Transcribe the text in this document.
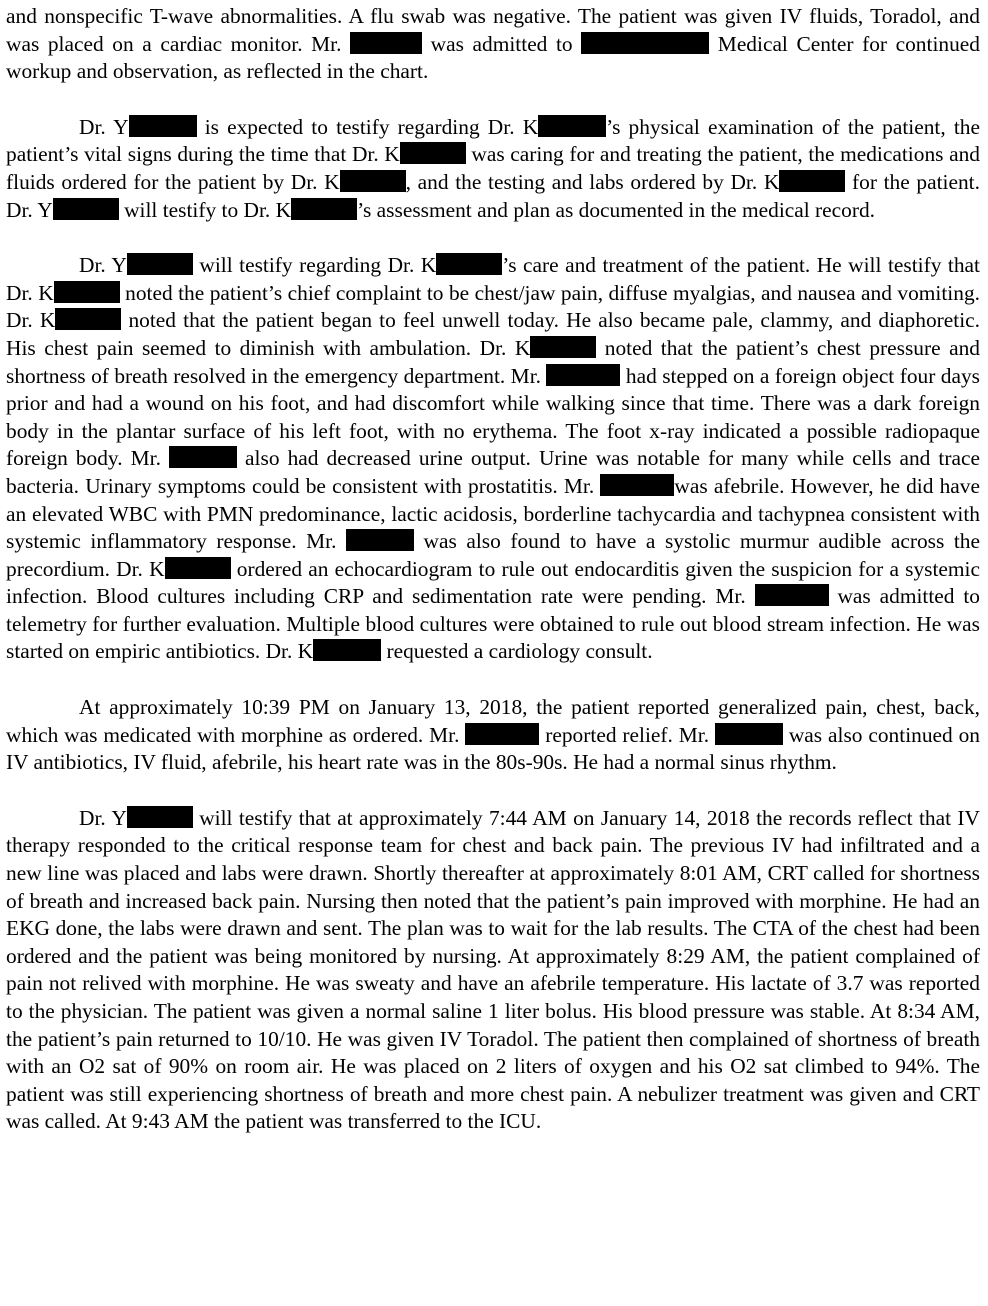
and nonspecific T-wave abnormalities. A flu swab was negative. The patient was given IV fluids, Toradol, and was placed on a cardiac monitor. Mr.	was admitted to	Medical Center for continued workup and observation, as reflected in the chart.

Dr. Y	is expected to testify regarding Dr. K	’s physical examination of the patient, the patient’s vital signs during the time that Dr. K	was caring for and treating the patient, the medications and fluids ordered for the patient by Dr. K	, and the testing and labs ordered by Dr. K	for the patient. Dr. Y	will testify to Dr. K	’s assessment and plan as documented in the medical record.

Dr. Y	will testify regarding Dr. K	’s care and treatment of the patient. He will testify that Dr. K	noted the patient’s chief complaint to be chest/jaw pain, diffuse myalgias, and nausea and vomiting. Dr. K	noted that the patient began to feel unwell today. He also became pale, clammy, and diaphoretic. His chest pain seemed to diminish with ambulation. Dr. K	noted that the patient’s chest pressure and shortness of breath resolved in the emergency department. Mr.	had stepped on a foreign object four days prior and had a wound on his foot, and had discomfort while walking since that time. There was a dark foreign body in the plantar surface of his left foot, with no erythema. The foot x-ray indicated a possible radiopaque foreign body. Mr.	also had decreased urine output. Urine was notable for many while cells and trace bacteria. Urinary symptoms could be consistent with prostatitis. Mr.	was afebrile. However, he did have an elevated WBC with PMN predominance, lactic acidosis, borderline tachycardia and tachypnea consistent with systemic inflammatory response. Mr.	was also found to have a systolic murmur audible across the precordium. Dr. K	ordered an echocardiogram to rule out endocarditis given the suspicion for a systemic infection. Blood cultures including CRP and sedimentation rate were pending. Mr.	was admitted to telemetry for further evaluation. Multiple blood cultures were obtained to rule out blood stream infection. He was started on empiric antibiotics. Dr. K	requested a cardiology consult.

At approximately 10:39 PM on January 13, 2018, the patient reported generalized pain, chest, back, which was medicated with morphine as ordered. Mr.	reported relief. Mr.	was also continued on IV antibiotics, IV fluid, afebrile, his heart rate was in the 80s-90s. He had a normal sinus rhythm.

Dr. Y	will testify that at approximately 7:44 AM on January 14, 2018 the records reflect that IV therapy responded to the critical response team for chest and back pain. The previous IV had infiltrated and a new line was placed and labs were drawn. Shortly thereafter at approximately 8:01 AM, CRT called for shortness of breath and increased back pain. Nursing then noted that the patient’s pain improved with morphine. He had an EKG done, the labs were drawn and sent. The plan was to wait for the lab results. The CTA of the chest had been ordered and the patient was being monitored by nursing. At approximately 8:29 AM, the patient complained of pain not relived with morphine. He was sweaty and have an afebrile temperature. His lactate of 3.7 was reported to the physician. The patient was given a normal saline 1 liter bolus. His blood pressure was stable. At 8:34 AM, the patient’s pain returned to 10/10. He was given IV Toradol. The patient then complained of shortness of breath with an O2 sat of 90% on room air. He was placed on 2 liters of oxygen and his O2 sat climbed to 94%. The patient was still experiencing shortness of breath and more chest pain. A nebulizer treatment was given and CRT was called. At 9:43 AM the patient was transferred to the ICU.
